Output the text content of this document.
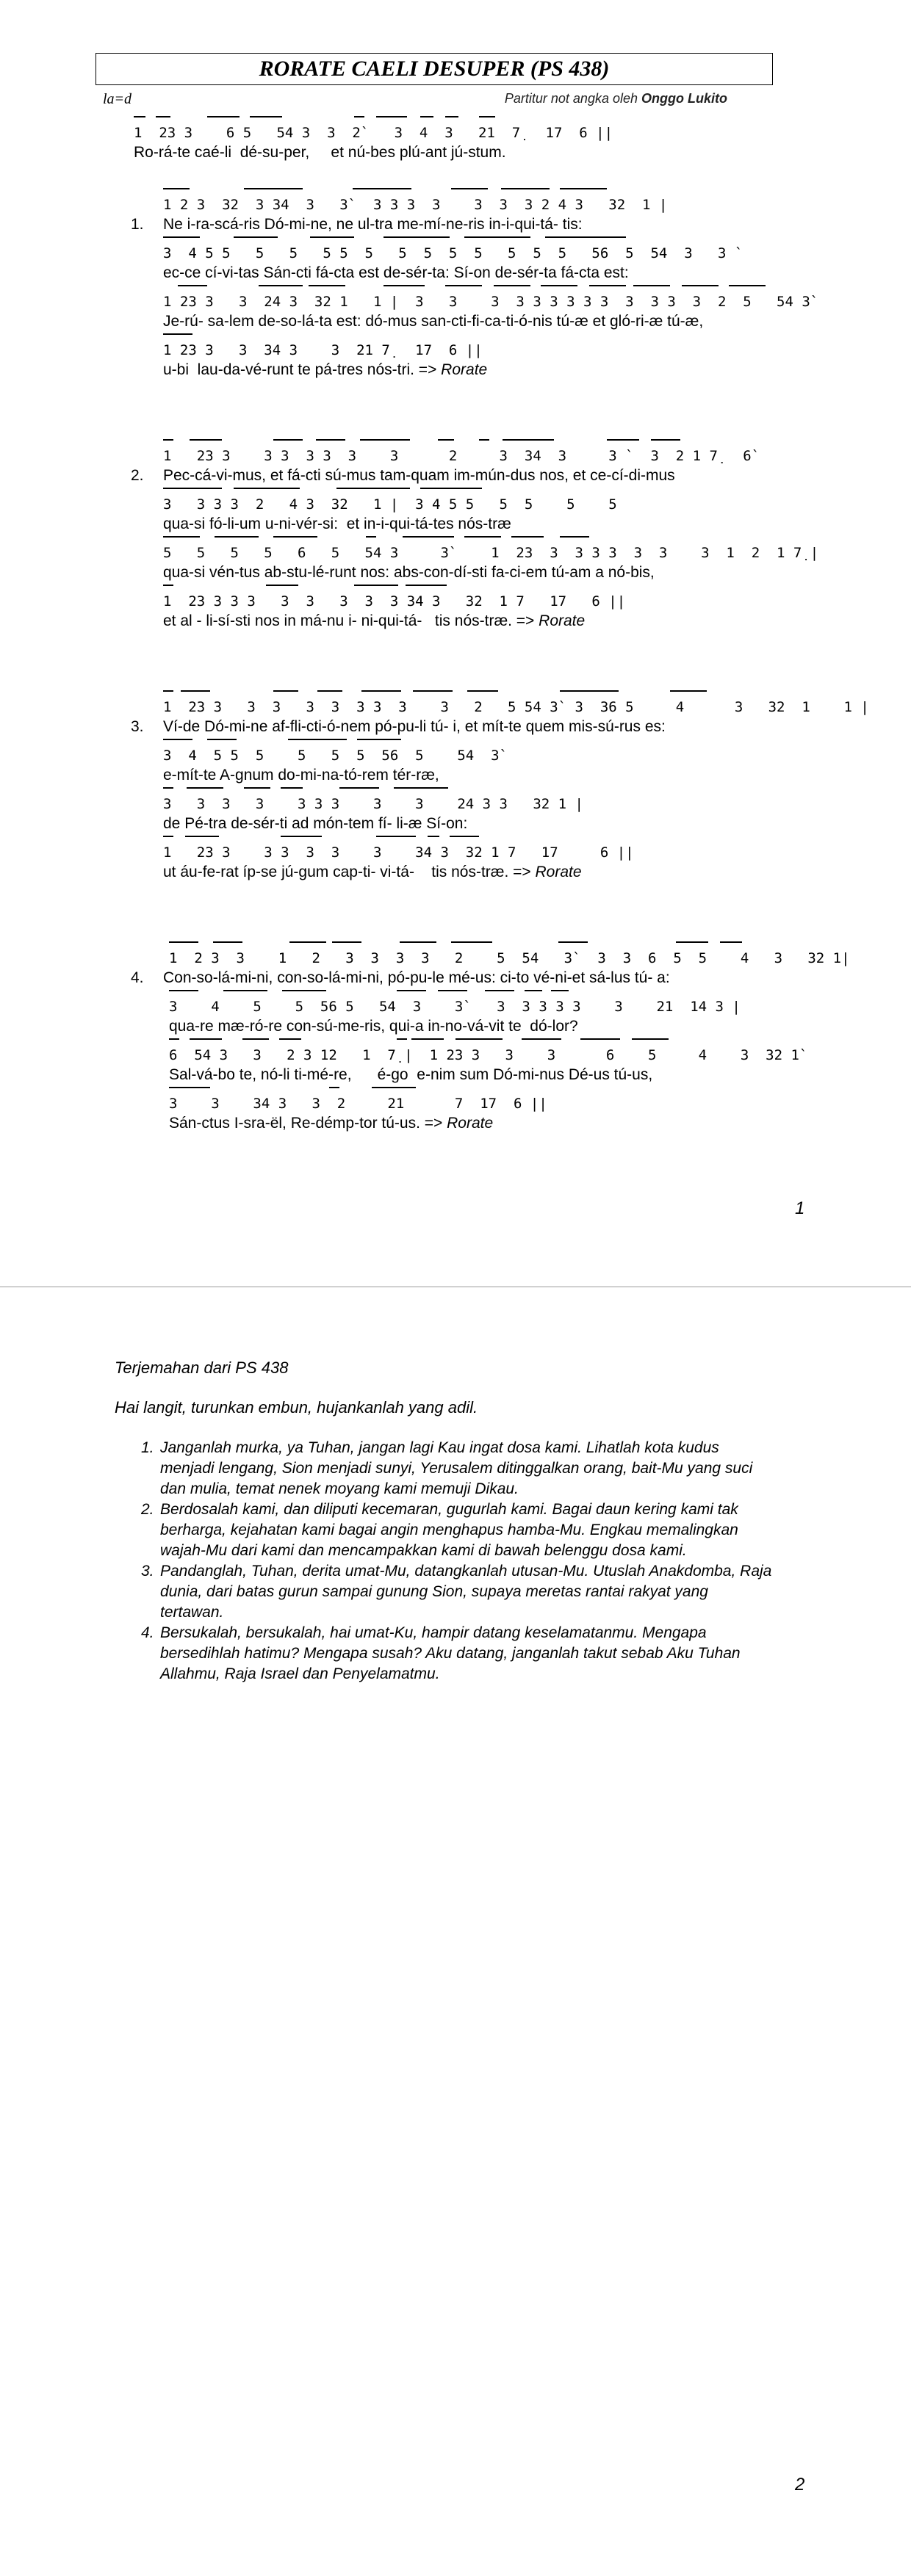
RORATE CAELI DESUPER (PS 438)
la=d	Partitur not angka oleh Onggo Lukito
1  23 3    6 5   54 3  3  2`   3  4  3   21  7̣   17  6 ||
Ro-rá-te caé-li  dé-su-per,     et nú-bes plú-ant jú-stum.
1.
1 2 3  32  3 34  3   3`  3 3 3  3    3  3  3 2 4 3   32  1 |
Ne i-ra-scá-ris Dó-mi-ne, ne ul-tra me-mí-ne-ris in-i-qui-tá- tis:
3  4 5 5   5   5   5 5  5   5  5  5  5   5  5  5   56  5  54  3   3 `
ec-ce cí-vi-tas Sán-cti fá-cta est de-sér-ta: Sí-on de-sér-ta fá-cta est:
1 23 3   3  24 3  32 1   1 |  3   3    3  3 3 3 3 3 3  3  3 3  3  2  5   54 3`
Je-rú- sa-lem de-so-lá-ta est: dó-mus san-cti-fi-ca-ti-ó-nis tú-æ et gló-ri-æ tú-æ,
1 23 3   3  34 3    3  21 7̣   17  6 ||
u-bi  lau-da-vé-runt te pá-tres nós-tri. => Rorate
2.
1   23 3    3 3  3 3  3    3      2     3  34  3     3 `  3  2 1 7̣   6`
Pec-cá-vi-mus, et fá-cti sú-mus tam-quam im-mún-dus nos, et ce-cí-di-mus
3   3 3 3  2   4 3  32   1 |  3 4 5 5   5  5    5    5
qua-si fó-li-um u-ni-vér-si:  et in-i-qui-tá-tes nós-træ
5   5   5   5   6   5   54 3     3`    1  23  3  3 3 3  3  3    3  1  2  1 7̣ |
qua-si vén-tus ab-stu-lé-runt nos: abs-con-dí-sti fa-ci-em tú-am a nó-bis,
1  23 3 3 3   3  3   3  3  3 34 3   32  1 7   17   6 ||
et al - li-sí-sti nos in má-nu i- ni-qui-tá-   tis nós-træ. => Rorate
3.
1  23 3   3  3   3  3  3 3  3    3   2   5 54 3` 3  36 5     4      3   32  1    1 |
Ví-de Dó-mi-ne af-fli-cti-ó-nem pó-pu-li tú- i, et mít-te quem mis-sú-rus es:
3  4  5 5  5    5   5  5  56  5    54  3`
e-mít-te A-gnum do-mi-na-tó-rem tér-ræ,
3   3  3   3    3 3 3    3    3    24 3 3   32 1 |
de Pé-tra de-sér-ti ad món-tem fí- li-æ Sí-on:
1   23 3    3 3  3  3    3    34 3  32 1 7   17     6 ||
ut áu-fe-rat íp-se jú-gum cap-ti- vi-tá-    tis nós-træ. => Rorate
4.
1  2 3  3    1   2   3  3  3  3   2    5  54   3`  3  3  6  5  5    4   3   32 1|
Con-so-lá-mi-ni, con-so-lá-mi-ni, pó-pu-le mé-us: ci-to vé-ni-et sá-lus tú- a:
3    4    5    5  56 5   54  3    3`   3  3 3 3 3    3    21  14 3 |
qua-re mæ-ró-re con-sú-me-ris, qui-a in-no-vá-vit te  dó-lor?
6  54 3   3   2 3 12   1  7̣ |  1 23 3   3    3      6    5     4    3  32 1`
Sal-vá-bo te, nó-li ti-mé-re,      é-go  e-nim sum Dó-mi-nus Dé-us tú-us,
3    3    34 3   3  2     21      7  17  6 ||
Sán-ctus I-sra-ël, Re-démp-tor tú-us. => Rorate
1
Terjemahan dari PS 438
Hai langit, turunkan embun, hujankanlah yang adil.
1. Janganlah murka, ya Tuhan, jangan lagi Kau ingat dosa kami. Lihatlah kota kudus menjadi lengang, Sion menjadi sunyi, Yerusalem ditinggalkan orang, bait-Mu yang suci dan mulia, temat nenek moyang kami memuji Dikau.
2. Berdosalah kami, dan diliputi kecemaran, gugurlah kami. Bagai daun kering kami tak berharga, kejahatan kami bagai angin menghapus hamba-Mu. Engkau memalingkan wajah-Mu dari kami dan mencampakkan kami di bawah belenggu dosa kami.
3. Pandanglah, Tuhan, derita umat-Mu, datangkanlah utusan-Mu. Utuslah Anakdomba, Raja dunia, dari batas gurun sampai gunung Sion, supaya meretas rantai rakyat yang tertawan.
4. Bersukalah, bersukalah, hai umat-Ku, hampir datang keselamatanmu. Mengapa bersedihlah hatimu? Mengapa susah? Aku datang, janganlah takut sebab Aku Tuhan Allahmu, Raja Israel dan Penyelamatmu.
2
